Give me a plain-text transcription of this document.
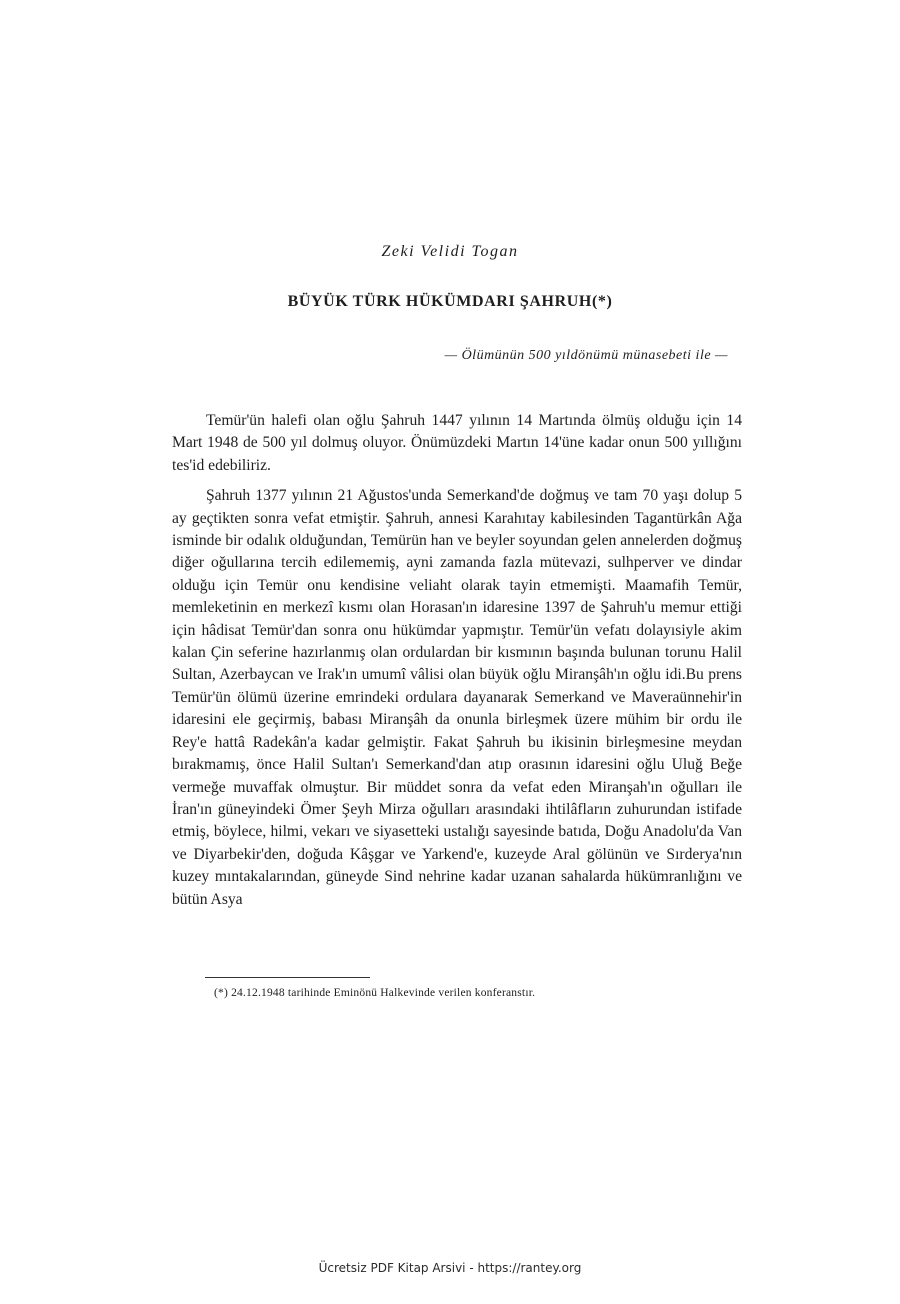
Zeki Velidi Togan
BÜYÜK TÜRK HÜKÜMDARI ŞAHRUH(*)
— Ölümünün 500 yıldönümü münasebeti ile —

Temür'ün halefi olan oğlu Şahruh 1447 yılının 14 Martında ölmüş olduğu için 14 Mart 1948 de 500 yıl dolmuş oluyor. Önümüzdeki Martın 14'üne kadar onun 500 yıllığını tes'id edebiliriz.

Şahruh 1377 yılının 21 Ağustos'unda Semerkand'de doğmuş ve tam 70 yaşı dolup 5 ay geçtikten sonra vefat etmiştir. Şahruh, annesi Karahıtay kabilesinden Tagantürkân Ağa isminde bir odalık olduğundan, Temürün han ve beyler soyundan gelen annelerden doğmuş diğer oğullarına tercih edilememiş, ayni zamanda fazla mütevazi, sulhperver ve dindar olduğu için Temür onu kendisine veliaht olarak tayin etmemişti. Maamafih Temür, memleketinin en merkezî kısmı olan Horasan'ın idaresine 1397 de Şahruh'u memur ettiği için hâdisat Temür'dan sonra onu hükümdar yapmıştır. Temür'ün vefatı dolayısiyle akim kalan Çin seferine hazırlanmış olan ordulardan bir kısmının başında bulunan torunu Halil Sultan, Azerbaycan ve Irak'ın umumî vâlisi olan büyük oğlu Miranşâh'ın oğlu idi.Bu prens Temür'ün ölümü üzerine emrindeki ordulara dayanarak Semerkand ve Maveraünnehir'in idaresini ele geçirmiş, babası Miranşâh da onunla birleşmek üzere mühim bir ordu ile Rey'e hattâ Radekân'a kadar gelmiştir. Fakat Şahruh bu ikisinin birleşmesine meydan bırakmamış, önce Halil Sultan'ı Semerkand'dan atıp orasının idaresini oğlu Uluğ Beğe vermeğe muvaffak olmuştur. Bir müddet sonra da vefat eden Miranşah'ın oğulları ile İran'ın güneyindeki Ömer Şeyh Mirza oğulları arasındaki ihtilâfların zuhurundan istifade etmiş, böylece, hilmi, vekarı ve siyasetteki ustalığı sayesinde batıda, Doğu Anadolu'da Van ve Diyarbekir'den, doğuda Kâşgar ve Yarkend'e, kuzeyde Aral gölünün ve Sırderya'nın kuzey mıntakalarından, güneyde Sind nehrine kadar uzanan sahalarda hükümranlığını ve bütün Asya

(*) 24.12.1948 tarihinde Eminönü Halkevinde verilen konferanstır.
Ücretsiz PDF Kitap Arsivi - https://rantey.org
